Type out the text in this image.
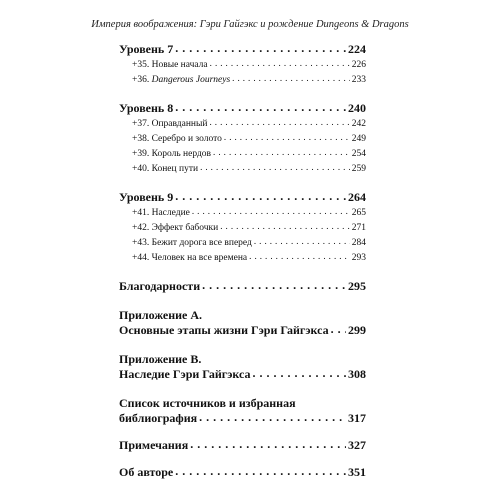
Империя воображения: Гэри Гайгэкс и рождение Dungeons & Dragons
Уровень 7 . . .	224
+35. Новые начала . . .	226
+36. Dangerous Journeys . . .	233
Уровень 8 . . .	240
+37. Оправданный . . .	242
+38. Серебро и золото . . .	249
+39. Король нердов . . .	254
+40. Конец пути . . .	259
Уровень 9 . . .	264
+41. Наследие . . .	265
+42. Эффект бабочки . . .	271
+43. Бежит дорога все вперед . . .	284
+44. Человек на все времена . . .	293
Благодарности . . .	295
Приложение А.
Основные этапы жизни Гэри Гайгэкса . . . 299
Приложение B.
Наследие Гэри Гайгэкса . . .	308
Список источников и избранная
библиография . . .	317
Примечания . . .	327
Об авторе . . .	351
